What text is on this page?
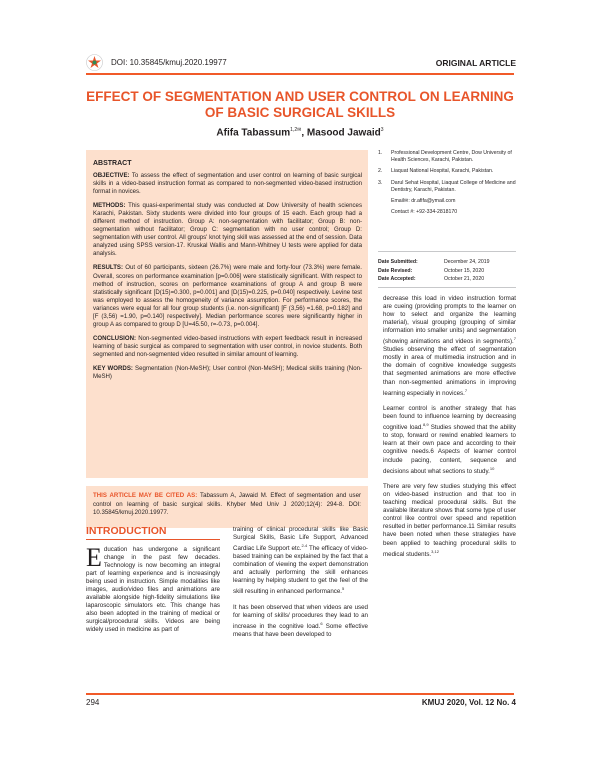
DOI: 10.35845/kmuj.2020.19977	ORIGINAL ARTICLE
EFFECT OF SEGMENTATION AND USER CONTROL ON LEARNING OF BASIC SURGICAL SKILLS
Afifa Tabassum$^{1,2✉}$, Masood Jawaid$^3$
ABSTRACT

OBJECTIVE: To assess the effect of segmentation and user control on learning of basic surgical skills in a video-based instruction format as compared to non-segmented video-based instruction format in novices.

METHODS: This quasi-experimental study was conducted at Dow University of health sciences Karachi, Pakistan. Sixty students were divided into four groups of 15 each. Each group had a different method of instruction. Group A: non-segmentation with facilitator; Group B: non-segmentation without facilitator; Group C: segmentation with no user control; Group D: segmentation with user control. All groups' knot tying skill was assessed at the end of session. Data analyzed using SPSS version-17. Kruskal Wallis and Mann-Whitney U tests were applied for data analysis.

RESULTS: Out of 60 participants, sixteen (26.7%) were male and forty-four (73.3%) were female. Overall, scores on performance examination [p=0.006] were statistically significant. With respect to method of instruction, scores on performance examinations of group A and group B were statistically significant [D(15)=0.300, p=0.001] and [D(15)=0.225, p=0.040] respectively. Levine test was employed to assess the homogeneity of variance assumption. For performance scores, the variances were equal for all four group students (i.e. non-significant) [F (3,56) =1.68, p=0.182] and [F (3,56) =1.90, p=0.140] respectively]. Median performance scores were significantly higher in group A as compared to group D [U=45.50, r=-0.73, p=0.004].

CONCLUSION: Non-segmented video-based instructions with expert feedback result in increased learning of basic surgical as compared to segmentation with user control, in novice students. Both segmented and non-segmented video resulted in similar amount of learning.

KEY WORDS: Segmentation (Non-MeSH); User control (Non-MeSH); Medical skills training (Non-MeSH)

THIS ARTICLE MAY BE CITED AS: Tabassum A, Jawaid M. Effect of segmentation and user control on learning of basic surgical skills. Khyber Med Univ J 2020;12(4): 294-8. DOI: 10.35845/kmuj.2020.19977.
1.	Professional Development Centre, Dow University of Health Sciences, Karachi, Pakistan.
2.	Liaquat National Hospital, Karachi, Pakistan.
3.	Darul Sehat Hospital, Liaquat College of Medicine and Dentistry, Karachi, Pakistan.
Email✉: dr.afifa@ymail.com
Contact #: +92-334-2818170
Date Submitted:	December 24, 2019
Date Revised:	October 15, 2020
Date Accepted:	October 21, 2020
INTRODUCTION

Education has undergone a significant change in the past few decades. Technology is now becoming an integral part of learning experience and is increasingly being used in instruction. Simple modalities like images, audio/video files and animations are available alongside high-fidelity simulations like laparoscopic simulators etc. This change has also been adopted in the training of medical or surgical/procedural skills. Videos are being widely used in medicine as part of

training of clinical procedural skills like Basic Surgical Skills, Basic Life Support, Advanced Cardiac Life Support etc.$^{2-4}$ The efficacy of video-based training can be explained by the fact that a combination of viewing the expert demonstration and actually performing the skill enhances learning by helping student to get the feel of the skill resulting in enhanced performance.$^5$

It has been observed that when videos are used for learning of skills/ procedures they lead to an increase in the cognitive load.$^6$ Some effective means that have been developed to

decrease this load in video instruction format are cueing (providing prompts to the learner on how to select and organize the learning material), visual grouping (grouping of similar information into smaller units) and segmentation (showing animations and videos in segments).$^7$ Studies observing the effect of segmentation mostly in area of multimedia instruction and in the domain of cognitive knowledge suggests that segmented animations are more effective than non-segmented animations in improving learning especially in novices.$^7$

Learner control is another strategy that has been found to influence learning by decreasing cognitive load.$^{8,9}$ Studies showed that the ability to stop, forward or rewind enabled learners to learn at their own pace and according to their cognitive needs.6 Aspects of learner control include pacing, content, sequence and decisions about what sections to study.$^{10}$

There are very few studies studying this effect on video-based instruction and that too in teaching medical procedural skills. But the available literature shows that some type of user control like control over speed and repetition resulted in better performance.11 Similar results have been noted when these strategies have been applied to teaching procedural skills to medical students.$^{3,12}$

294	KMUJ 2020, Vol. 12 No. 4
